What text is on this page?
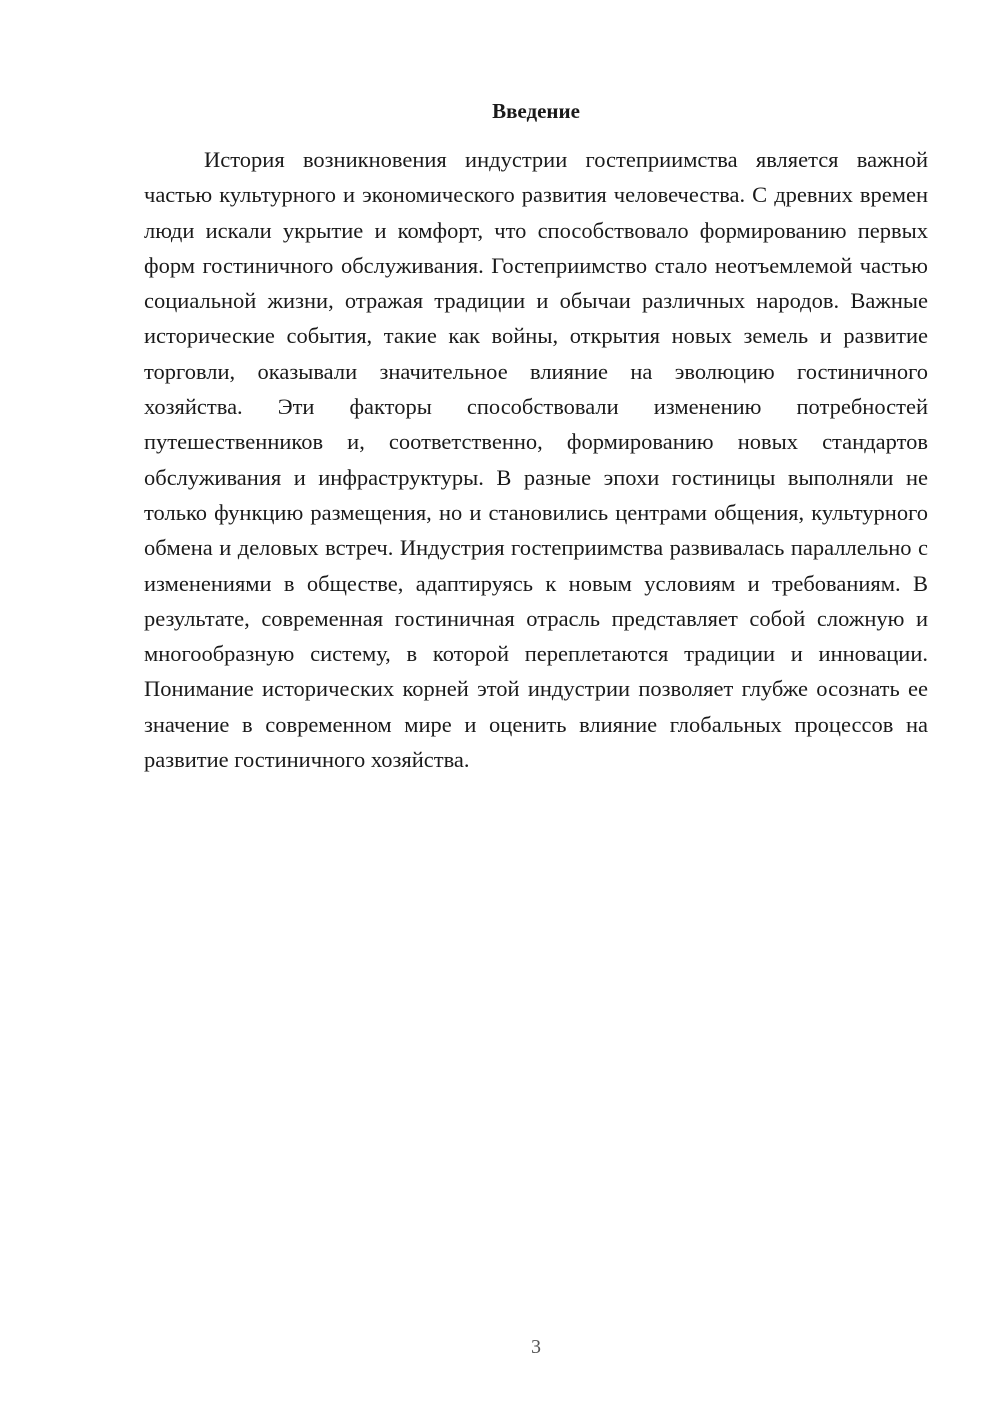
Введение

История возникновения индустрии гостеприимства является важной частью культурного и экономического развития человечества. С древних времен люди искали укрытие и комфорт, что способствовало формированию первых форм гостиничного обслуживания. Гостеприимство стало неотъемлемой частью социальной жизни, отражая традиции и обычаи различных народов. Важные исторические события, такие как войны, открытия новых земель и развитие торговли, оказывали значительное влияние на эволюцию гостиничного хозяйства. Эти факторы способствовали изменению потребностей путешественников и, соответственно, формированию новых стандартов обслуживания и инфраструктуры. В разные эпохи гостиницы выполняли не только функцию размещения, но и становились центрами общения, культурного обмена и деловых встреч. Индустрия гостеприимства развивалась параллельно с изменениями в обществе, адаптируясь к новым условиям и требованиям. В результате, современная гостиничная отрасль представляет собой сложную и многообразную систему, в которой переплетаются традиции и инновации. Понимание исторических корней этой индустрии позволяет глубже осознать ее значение в современном мире и оценить влияние глобальных процессов на развитие гостиничного хозяйства.

3
